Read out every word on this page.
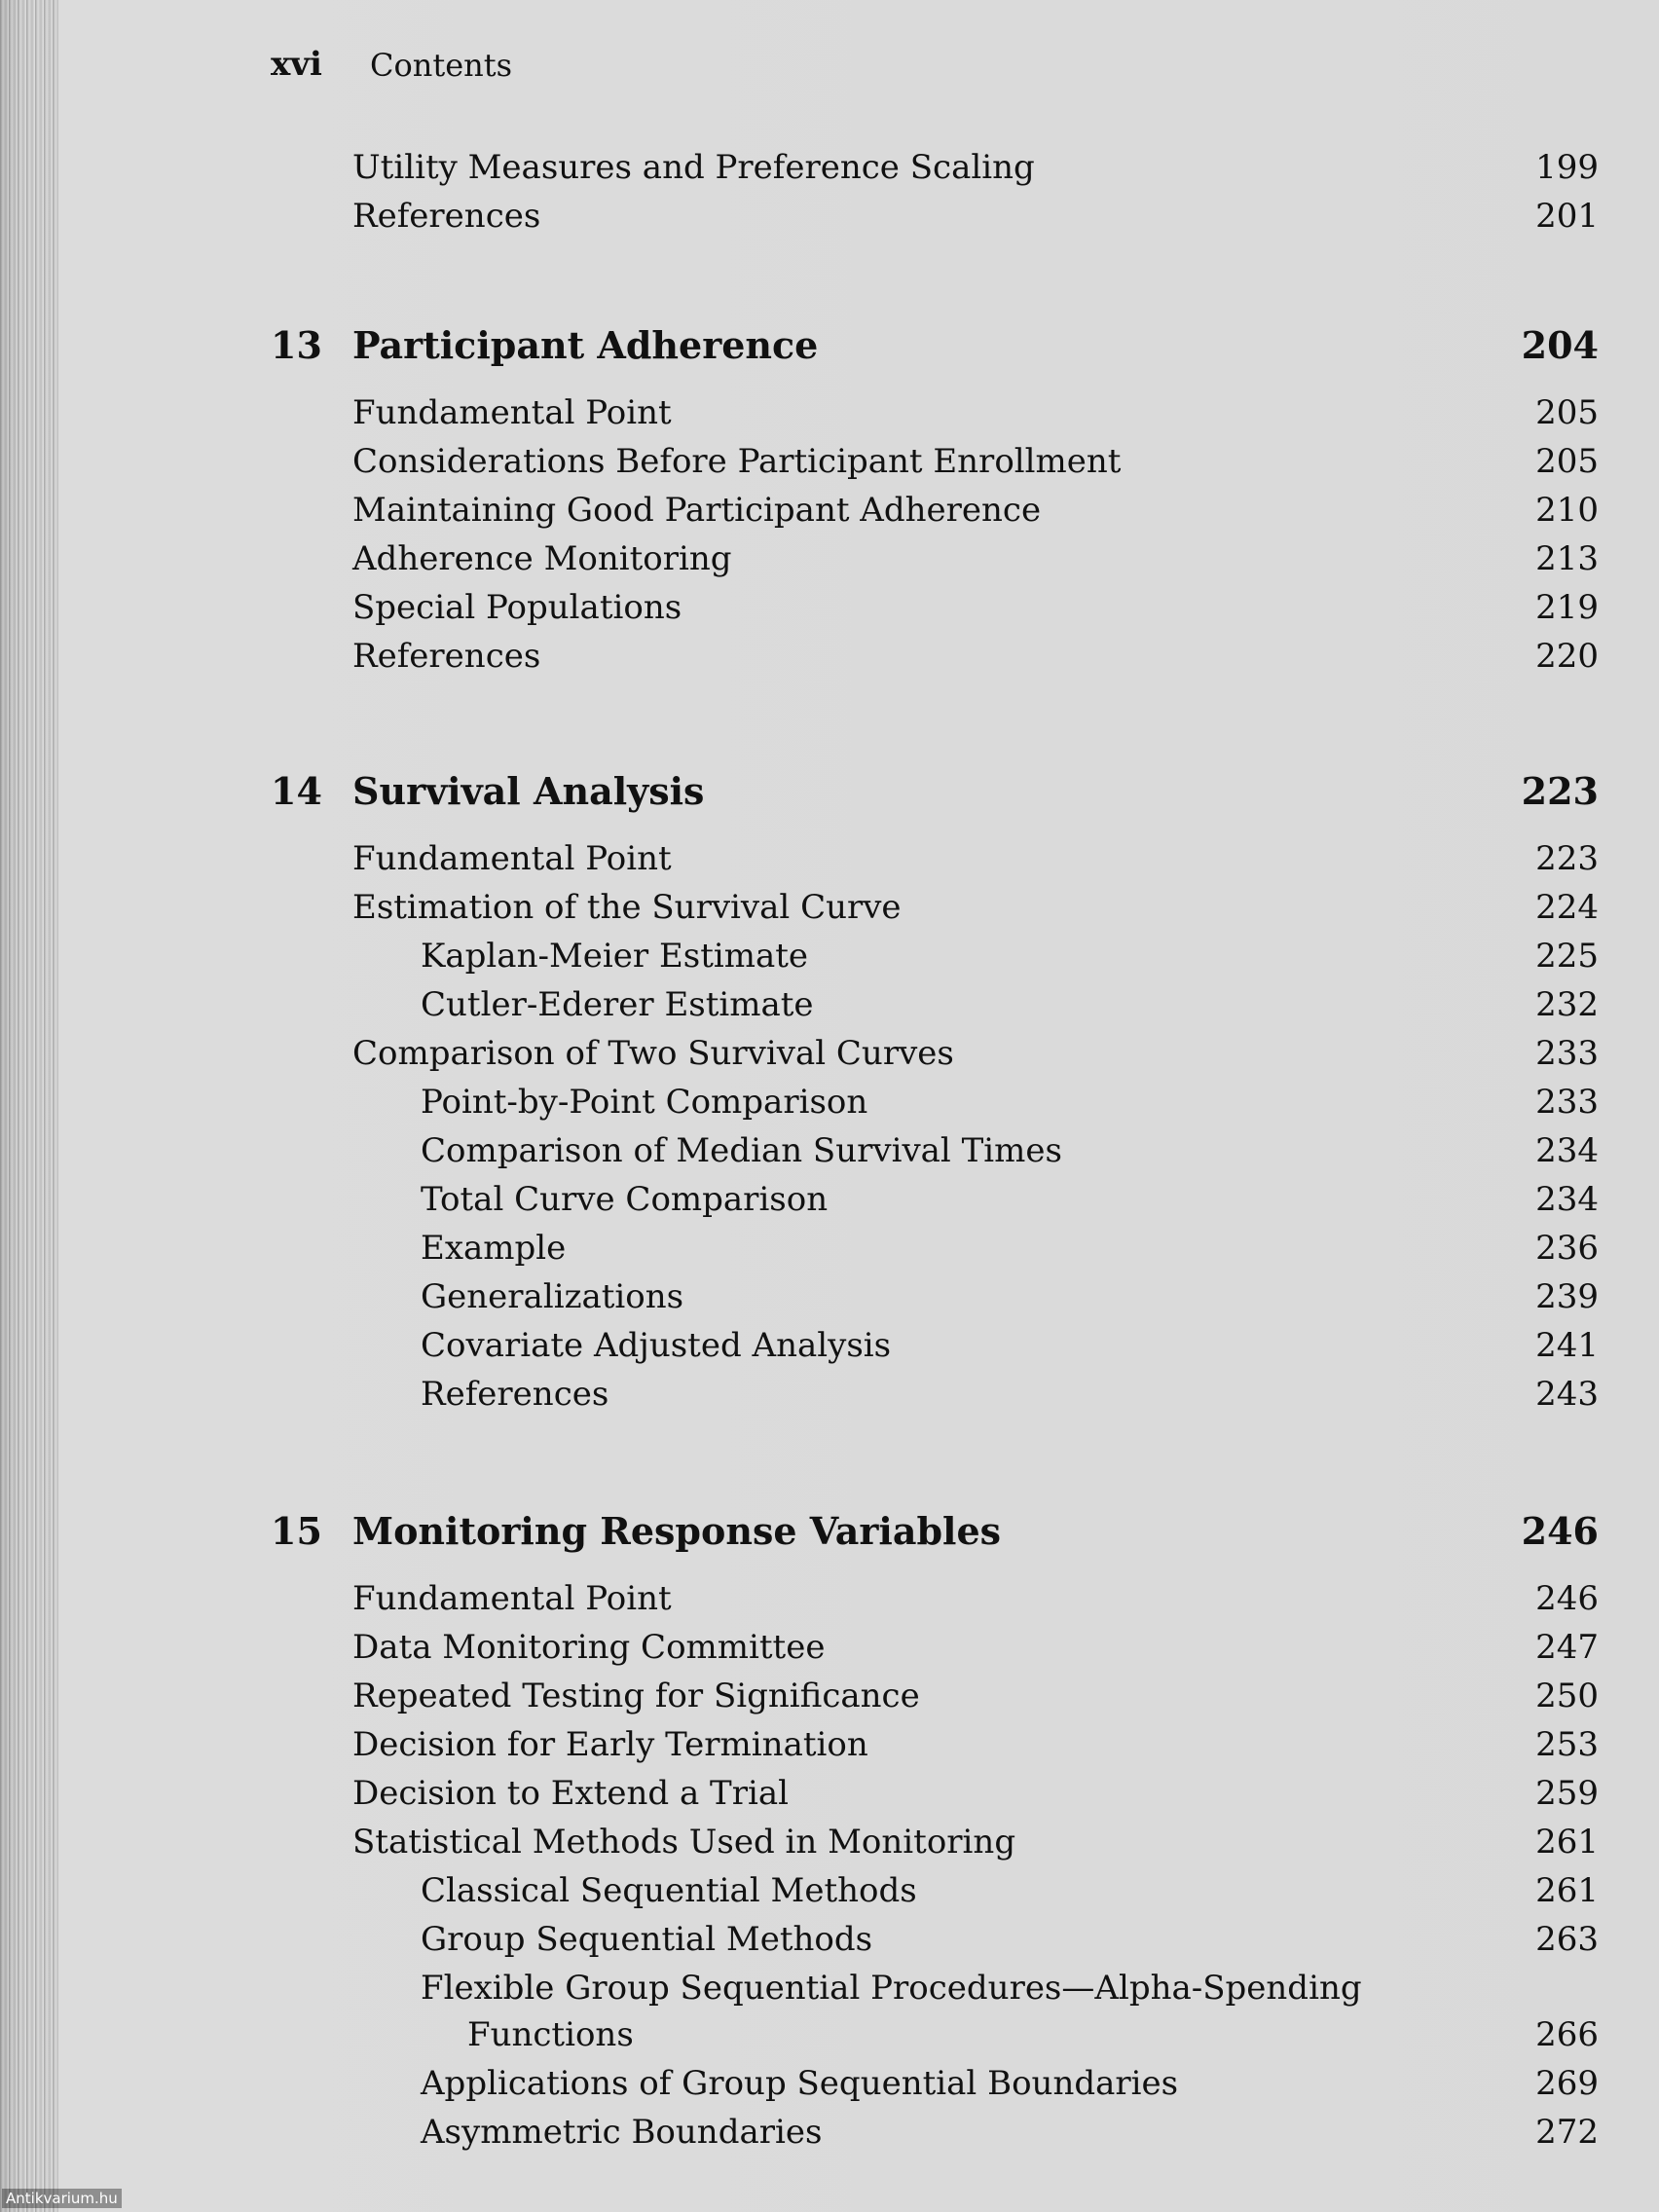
xvi Contents
Utility Measures and Preference Scaling	199
References	201
13 Participant Adherence	204
Fundamental Point	205
Considerations Before Participant Enrollment	205
Maintaining Good Participant Adherence	210
Adherence Monitoring	213
Special Populations	219
References	220
14 Survival Analysis	223
Fundamental Point	223
Estimation of the Survival Curve	224
Kaplan-Meier Estimate	225
Cutler-Ederer Estimate	232
Comparison of Two Survival Curves	233
Point-by-Point Comparison	233
Comparison of Median Survival Times	234
Total Curve Comparison	234
Example	236
Generalizations	239
Covariate Adjusted Analysis	241
References	243
15 Monitoring Response Variables	246
Fundamental Point	246
Data Monitoring Committee	247
Repeated Testing for Significance	250
Decision for Early Termination	253
Decision to Extend a Trial	259
Statistical Methods Used in Monitoring	261
Classical Sequential Methods	261
Group Sequential Methods	263
Flexible Group Sequential Procedures—Alpha-Spending
Functions	266
Applications of Group Sequential Boundaries	269
Asymmetric Boundaries	272
Antikvarium.hu
